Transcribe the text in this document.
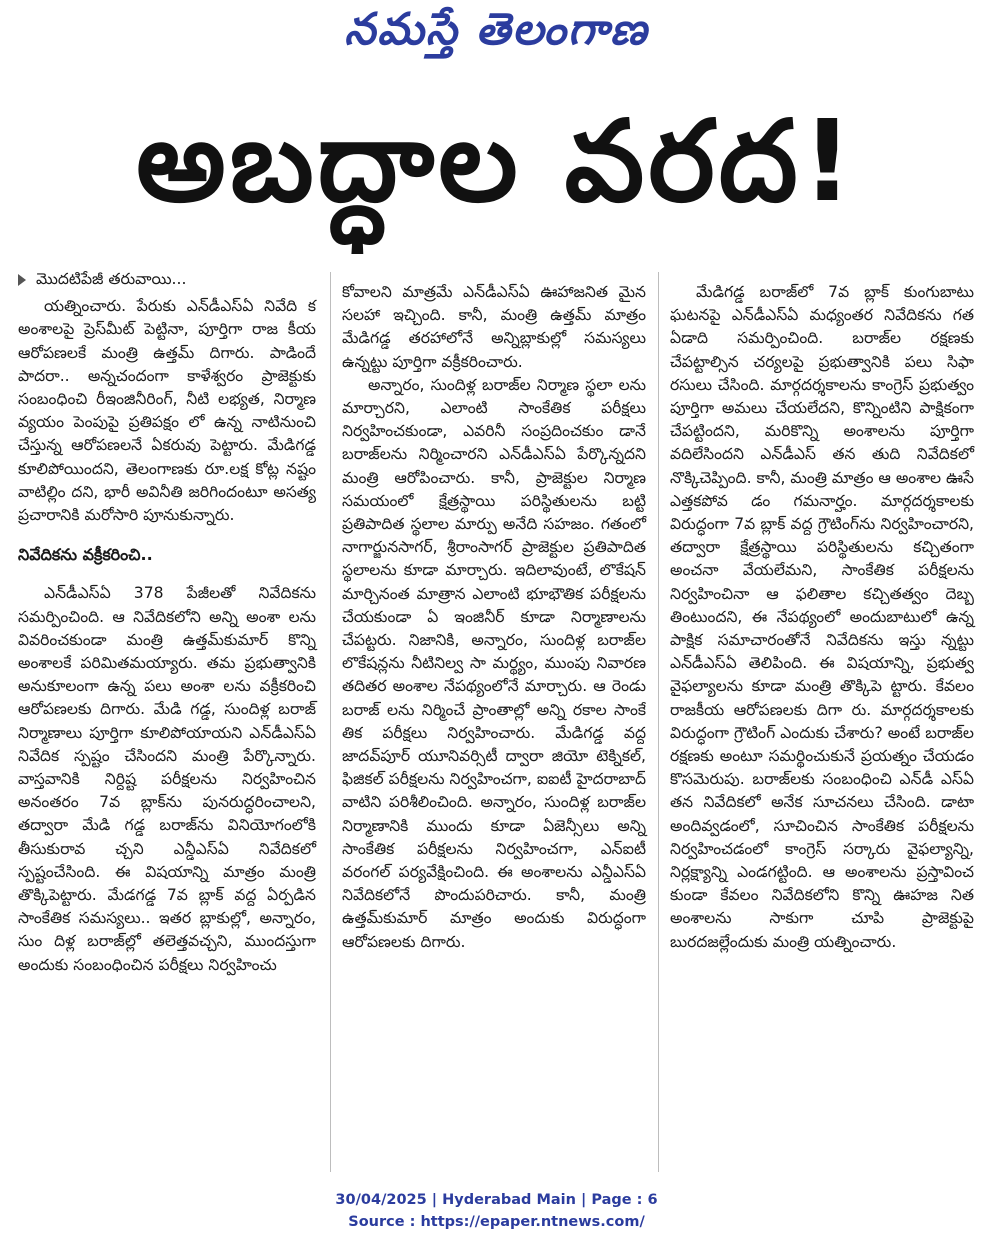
నమస్తే తెలంగాణ
అబద్ధాల వరద!
మొదటిపేజీ తరువాయి...

యత్నించారు. పేరుకు ఎన్‌డీఎస్‌ఏ నివేది క అంశాలపై ప్రెస్‌మీట్ పెట్టినా, పూర్తిగా రాజ కీయ ఆరోపణలకే మంత్రి ఉత్తమ్ దిగారు. పాడిందే పాదరా.. అన్నచందంగా కాళేశ్వరం ప్రాజెక్టుకు సంబంధించి రీఇంజినీరింగ్, నీటి లభ్యత, నిర్మాణ వ్యయం పెంపుపై ప్రతిపక్షం లో ఉన్న నాటినుంచి చేస్తున్న ఆరోపణలనే ఏకరువు పెట్టారు. మేడిగడ్డ కూలిపోయిందని, తెలంగాణకు రూ.లక్ష కోట్ల నష్టం వాటిల్లిం దని, భారీ అవినీతి జరిగిందంటూ అసత్య ప్రచారానికి మరోసారి పూనుకున్నారు.

నివేదికను వక్రీకరించి..

ఎన్‌డీఎస్‌ఏ 378 పేజీలతో నివేదికను సమర్పించింది. ఆ నివేదికలోని అన్ని అంశా లను వివరించకుండా మంత్రి ఉత్తమ్‌కుమార్ కొన్ని అంశాలకే పరిమితమయ్యారు. తమ ప్రభుత్వానికి అనుకూలంగా ఉన్న పలు అంశా లను వక్రీకరించి ఆరోపణలకు దిగారు. మేడి గడ్డ, సుందిళ్ల బరాజ్ నిర్మాణాలు పూర్తిగా కూలిపోయాయని ఎన్‌డీఎస్‌ఏ నివేదిక స్పష్టం చేసిందని మంత్రి పేర్కొన్నారు. వాస్తవానికి నిర్దిష్ట పరీక్షలను నిర్వహించిన అనంతరం 7వ బ్లాక్‌ను పునరుద్ధరించాలని, తద్వారా మేడి గడ్డ బరాజ్‌ను వినియోగంలోకి తీసుకురావ చ్చని ఎన్డీఎస్‌ఏ నివేదికలో స్పష్టంచేసింది. ఈ విషయాన్ని మాత్రం మంత్రి తొక్కిపెట్టారు. మేడగడ్డ 7వ బ్లాక్ వద్ద ఏర్పడిన సాంకేతిక సమస్యలు.. ఇతర బ్లాకుల్లో, అన్నారం, సుం దిళ్ల బరాజ్‌ల్లో తలెత్తవచ్చని, ముందస్తుగా అందుకు సంబంధించిన పరీక్షలు నిర్వహించు

కోవాలని మాత్రమే ఎన్‌డీఎస్‌ఏ ఊహాజనిత మైన సలహా ఇచ్చింది. కానీ, మంత్రి ఉత్తమ్ మాత్రం మేడిగడ్డ తరహాలోనే అన్నిబ్లాకుల్లో సమస్యలు ఉన్నట్టు పూర్తిగా వక్రీకరించారు.

అన్నారం, సుందిళ్ల బరాజ్‌ల నిర్మాణ స్థలా లను మార్చారని, ఎలాంటి సాంకేతిక పరీక్షలు నిర్వహించకుండా, ఎవరినీ సంప్రదించకుం డానే బరాజ్‌లను నిర్మించారని ఎన్‌డీఎస్‌ఏ పేర్కొన్నదని మంత్రి ఆరోపించారు. కానీ, ప్రాజెక్టుల నిర్మాణ సమయంలో క్షేత్రస్థాయి పరిస్థితులను బట్టి ప్రతిపాదిత స్థలాల మార్పు అనేది సహజం. గతంలో నాగార్జునసాగర్, శ్రీరాంసాగర్ ప్రాజెక్టుల ప్రతిపాదిత స్థలాలను కూడా మార్చారు. ఇదిలావుంటే, లొకేషన్ మార్చినంత మాత్రాన ఎలాంటి భూభౌతిక పరీక్షలను చేయకుండా ఏ ఇంజినీర్ కూడా నిర్మాణాలను చేపట్టరు. నిజానికి, అన్నారం, సుందిళ్ల బరాజ్‌ల లొకేషన్లను నీటినిల్వ సా మర్థ్యం, ముంపు నివారణ తదితర అంశాల నేపథ్యంలోనే మార్చారు. ఆ రెండు బరాజ్ లను నిర్మించే ప్రాంతాల్లో అన్ని రకాల సాంకే తిక పరీక్షలు నిర్వహించారు. మేడిగడ్డ వద్ద జాదవ్‌పూర్ యూనివర్సిటీ ద్వారా జియో టెక్నికల్, ఫిజికల్ పరీక్షలను నిర్వహించగా, ఐఐటీ హైదరాబాద్ వాటిని పరిశీలించింది. అన్నారం, సుందిళ్ల బరాజ్‌ల నిర్మాణానికి ముందు కూడా ఏజెన్సీలు అన్ని సాంకేతిక పరీక్షలను నిర్వహించగా, ఎన్ఐటీ వరంగల్ పర్యవేక్షించింది. ఈ అంశాలను ఎన్డీఎస్‌ఏ నివేదికలోనే పొందుపరిచారు. కానీ, మంత్రి ఉత్తమ్‌కుమార్ మాత్రం అందుకు విరుద్ధంగా ఆరోపణలకు దిగారు.

మేడిగడ్డ బరాజ్‌లో 7వ బ్లాక్ కుంగుబాటు ఘటనపై ఎన్‌డీఎస్‌ఏ మధ్యంతర నివేదికను గత ఏడాది సమర్పించింది. బరాజ్‌ల రక్షణకు చేపట్టాల్సిన చర్యలపై ప్రభుత్వానికి పలు సిఫా రసులు చేసింది. మార్గదర్శకాలను కాంగ్రెస్ ప్రభుత్వం పూర్తిగా అమలు చేయలేదని, కొన్నింటిని పాక్షికంగా చేపట్టిందని, మరికొన్ని అంశాలను పూర్తిగా వదిలేసిందని ఎన్‌డీఎస్ తన తుది నివేదికలో నొక్కిచెప్పింది. కానీ, మంత్రి మాత్రం ఆ అంశాల ఊసే ఎత్తకపోవ డం గమనార్హం. మార్గదర్శకాలకు విరుద్ధంగా 7వ బ్లాక్ వద్ద గ్రౌటింగ్‌ను నిర్వహించారని, తద్వారా క్షేత్రస్థాయి పరిస్థితులను కచ్చితంగా అంచనా వేయలేమని, సాంకేతిక పరీక్షలను నిర్వహించినా ఆ ఫలితాల కచ్చితత్వం దెబ్బ తింటుందని, ఈ నేపథ్యంలో అందుబాటులో ఉన్న పాక్షిక సమాచారంతోనే నివేదికను ఇస్తు న్నట్టు ఎన్‌డీఎస్‌ఏ తెలిపింది. ఈ విషయాన్ని, ప్రభుత్వ వైఫల్యాలను కూడా మంత్రి తొక్కిపె ట్టారు. కేవలం రాజకీయ ఆరోపణలకు దిగా రు. మార్గదర్శకాలకు విరుద్ధంగా గ్రౌటింగ్ ఎందుకు చేశారు? అంటే బరాజ్‌ల రక్షణకు అంటూ సమర్థించుకునే ప్రయత్నం చేయడం కొసమెరుపు. బరాజ్‌లకు సంబంధించి ఎన్‌డీ ఎస్‌ఏ తన నివేదికలో అనేక సూచనలు చేసింది. డాటా అందివ్వడంలో, సూచించిన సాంకేతిక పరీక్షలను నిర్వహించడంలో కాంగ్రెస్ సర్కారు వైఫల్యాన్ని, నిర్లక్ష్యాన్ని ఎండగట్టింది. ఆ అంశాలను ప్రస్తావించ కుండా కేవలం నివేదికలోని కొన్ని ఊహజ నిత అంశాలను సాకుగా చూపి ప్రాజెక్టుపై బురదజల్లేందుకు మంత్రి యత్నించారు.

30/04/2025 | Hyderabad Main | Page : 6
Source : https://epaper.ntnews.com/
